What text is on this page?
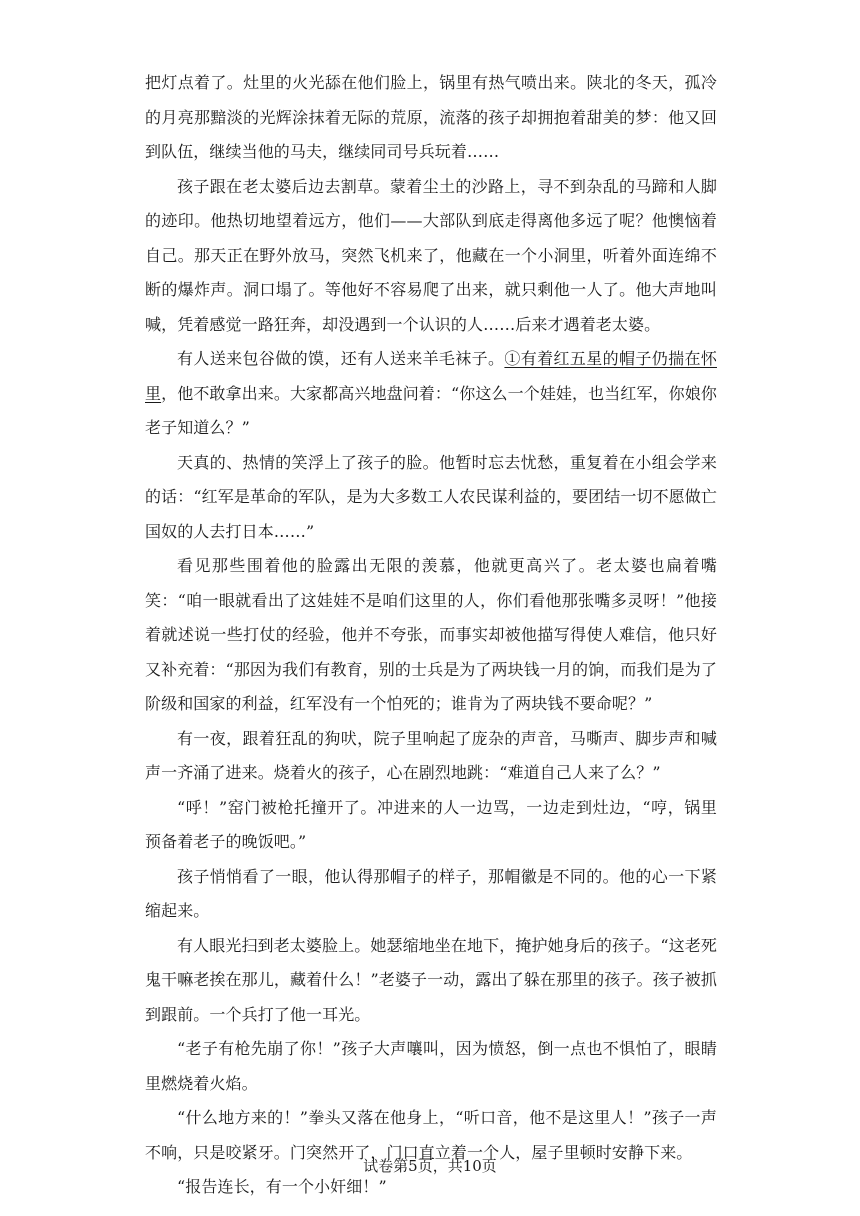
把灯点着了。灶里的火光舔在他们脸上，锅里有热气喷出来。陕北的冬天，孤冷的月亮那黯淡的光辉涂抹着无际的荒原，流落的孩子却拥抱着甜美的梦：他又回到队伍，继续当他的马夫，继续同司号兵玩着……

孩子跟在老太婆后边去割草。蒙着尘土的沙路上，寻不到杂乱的马蹄和人脚的迹印。他热切地望着远方，他们——大部队到底走得离他多远了呢？他懊恼着自己。那天正在野外放马，突然飞机来了，他藏在一个小洞里，听着外面连绵不断的爆炸声。洞口塌了。等他好不容易爬了出来，就只剩他一人了。他大声地叫喊，凭着感觉一路狂奔，却没遇到一个认识的人……后来才遇着老太婆。

有人送来包谷做的馍，还有人送来羊毛袜子。①有着红五星的帽子仍揣在怀里，他不敢拿出来。大家都高兴地盘问着：“你这么一个娃娃，也当红军，你娘你老子知道么？”

天真的、热情的笑浮上了孩子的脸。他暂时忘去忧愁，重复着在小组会学来的话：“红军是革命的军队，是为大多数工人农民谋利益的，要团结一切不愿做亡国奴的人去打日本……”

看见那些围着他的脸露出无限的羡慕，他就更高兴了。老太婆也扁着嘴笑：“咱一眼就看出了这娃娃不是咱们这里的人，你们看他那张嘴多灵呀！”他接着就述说一些打仗的经验，他并不夸张，而事实却被他描写得使人难信，他只好又补充着：“那因为我们有教育，别的士兵是为了两块钱一月的饷，而我们是为了阶级和国家的利益，红军没有一个怕死的；谁肯为了两块钱不要命呢？”

有一夜，跟着狂乱的狗吠，院子里响起了庞杂的声音，马嘶声、脚步声和喊声一齐涌了进来。烧着火的孩子，心在剧烈地跳：“难道自己人来了么？”

“呼！”窑门被枪托撞开了。冲进来的人一边骂，一边走到灶边，“哼，锅里预备着老子的晚饭吧。”

孩子悄悄看了一眼，他认得那帽子的样子，那帽徽是不同的。他的心一下紧缩起来。

有人眼光扫到老太婆脸上。她瑟缩地坐在地下，掩护她身后的孩子。“这老死鬼干嘛老挨在那儿，藏着什么！”老婆子一动，露出了躲在那里的孩子。孩子被抓到跟前。一个兵打了他一耳光。

“老子有枪先崩了你！”孩子大声嚷叫，因为愤怒，倒一点也不惧怕了，眼睛里燃烧着火焰。

“什么地方来的！”拳头又落在他身上，“听口音，他不是这里人！”孩子一声不响，只是咬紧牙。门突然开了，门口直立着一个人，屋子里顿时安静下来。

“报告连长，有一个小奸细！”

试卷第5页，共10页
